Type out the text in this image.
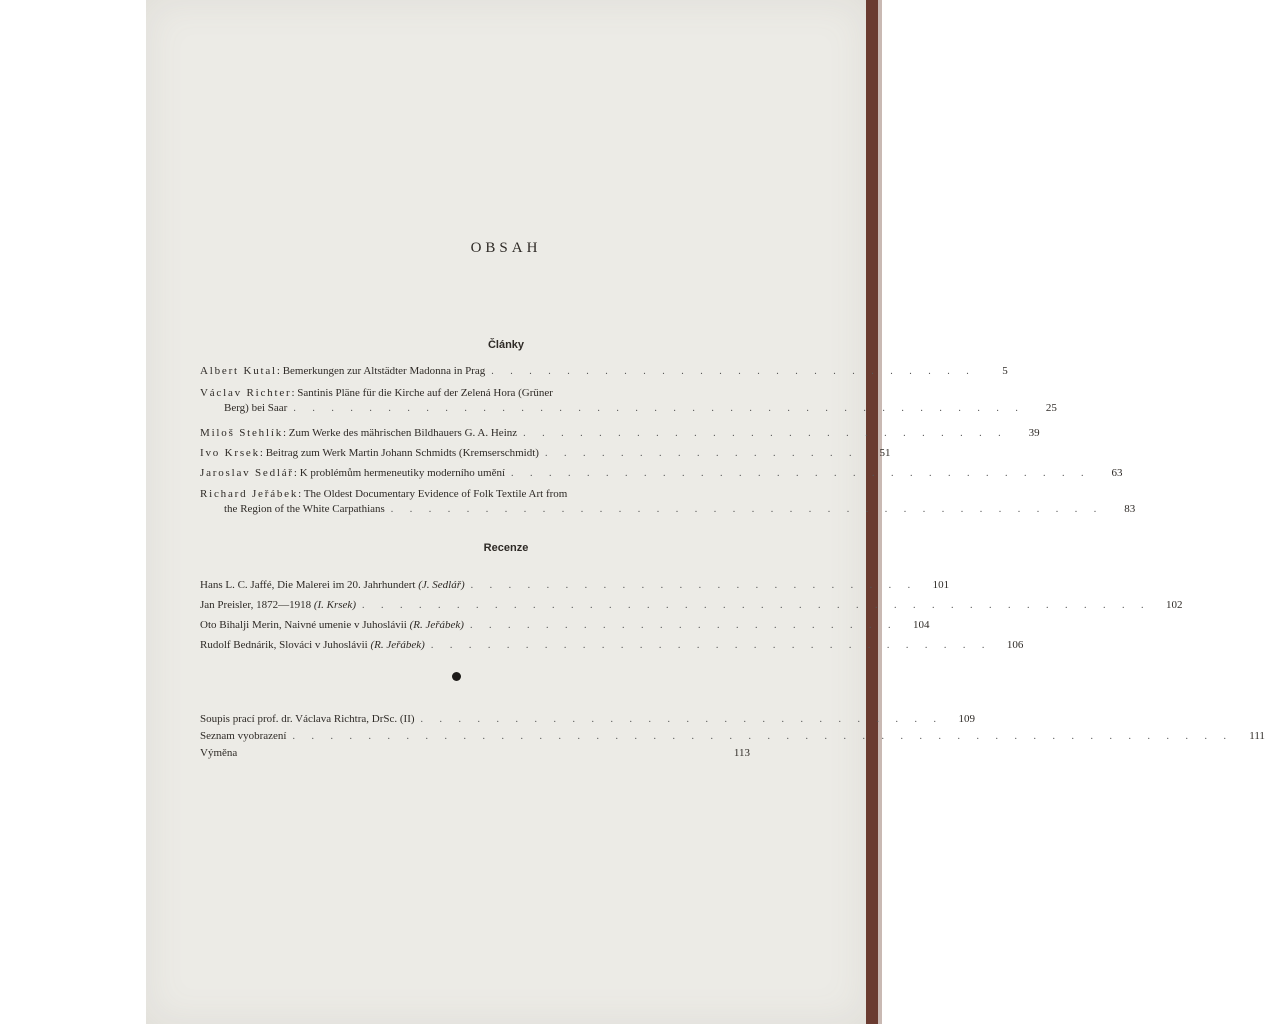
OBSAH
Články
Albert Kutal: Bemerkungen zur Altstädter Madonna in Prag . . . . . . . . . . . . . . . . . . . . . . . . . .	5
Václav Richter: Santinis Pläne für die Kirche auf der Zelená Hora (Grüner
Berg) bei Saar . . . . . . . . . . . . . . . . . . . . . . . . . . . . . . . . . . . . . . .	25
Miloš Stehlík: Zum Werke des mährischen Bildhauers G. A. Heinz . . . . . . . . . . . . . . . . . . . . . . . . . .	39
Ivo Krsek: Beitrag zum Werk Martin Johann Schmidts (Kremserschmidt) . . . . . . . . . . . . . . . . .	51
Jaroslav Sedlář: K problémům hermeneutiky moderního umění . . . . . . . . . . . . . . . . . . . . . . . . . . . . . . .	63
Richard Jeřábek: The Oldest Documentary Evidence of Folk Textile Art from
the Region of the White Carpathians . . . . . . . . . . . . . . . . . . . . . . . . . . . . . . . . . . . . . .	83
Recenze
Hans L. C. Jaffé, Die Malerei im 20. Jahrhundert (J. Sedlář) . . . . . . . . . . . . . . . . . . . . . . . .	101
Jan Preisler, 1872—1918 (I. Krsek) . . . . . . . . . . . . . . . . . . . . . . . . . . . . . . . . . . . . . . . . . .	102
Oto Bihalji Merin, Naivné umenie v Juhoslávii (R. Jeřábek) . . . . . . . . . . . . . . . . . . . . . . .	104
Rudolf Bednárik, Slováci v Juhoslávii (R. Jeřábek) . . . . . . . . . . . . . . . . . . . . . . . . . . . . . .	106
Soupis prací prof. dr. Václava Richtra, DrSc. (II) . . . . . . . . . . . . . . . . . . . . . . . . . . . .	109
Seznam vyobrazení . . . . . . . . . . . . . . . . . . . . . . . . . . . . . . . . . . . . . . . . . . . . . . . . . .	111
Výměna	113
